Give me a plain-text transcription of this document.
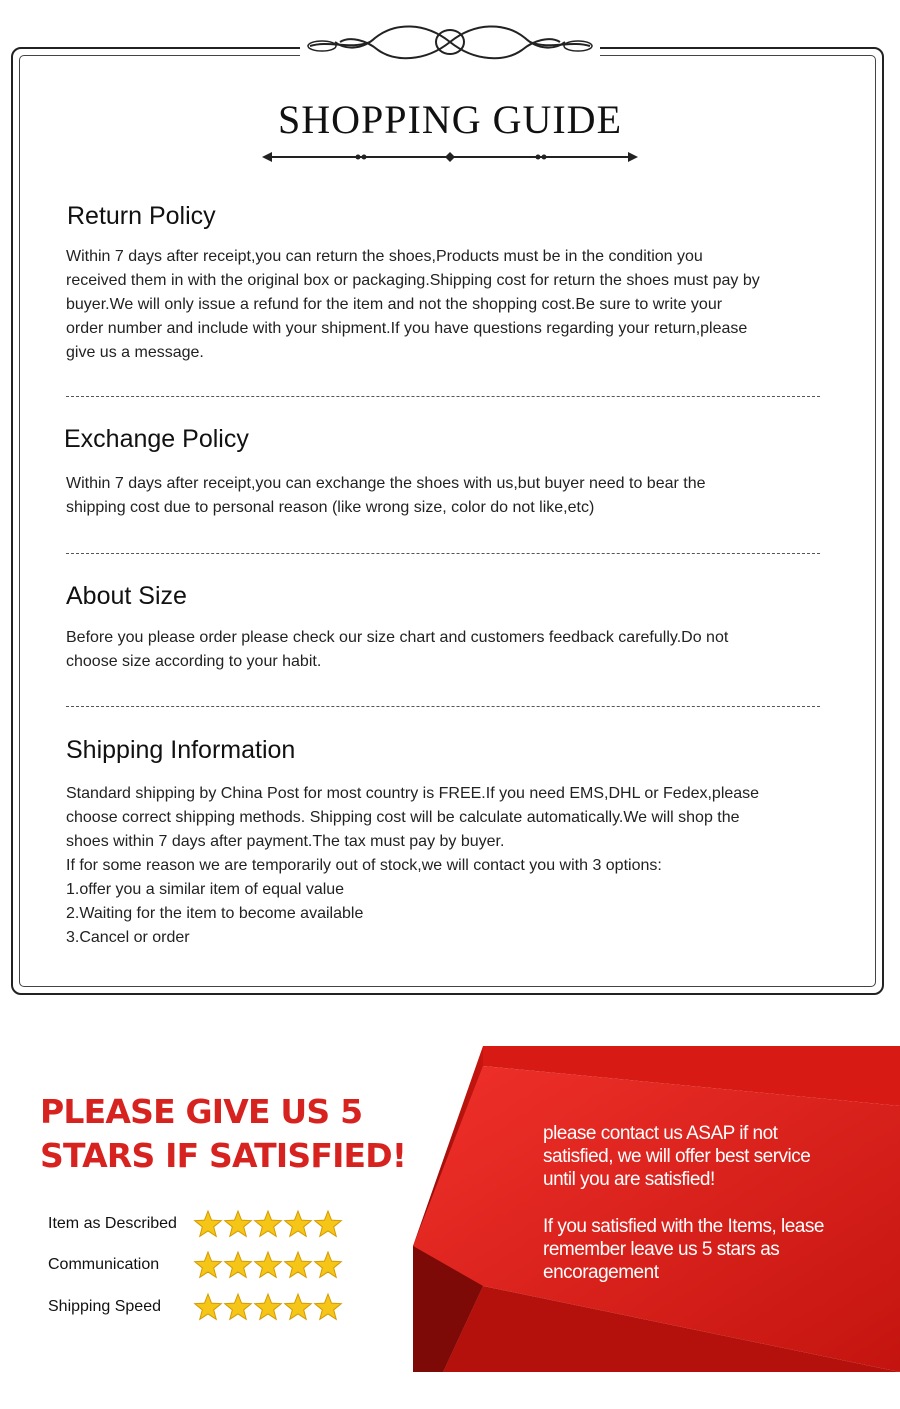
SHOPPING GUIDE
Return Policy

Within 7 days after receipt,you can return the shoes,Products must be in the condition you
received them in with the original box or packaging.Shipping cost for return the shoes must pay by
buyer.We will only issue a refund for the item and not the shopping cost.Be sure to write your
order number and include with your shipment.If you have questions regarding your return,please
give us a message.

Exchange Policy

Within 7 days after receipt,you can exchange the shoes with us,but buyer need to bear the
shipping cost due to personal reason (like wrong size, color do not like,etc)

About Size

Before you please order please check our size chart and customers feedback carefully.Do not
choose size according to your habit.

Shipping Information

Standard shipping by China Post for most country is FREE.If you need EMS,DHL or Fedex,please
choose correct shipping methods. Shipping cost will be calculate automatically.We will shop the
shoes within 7 days after payment.The tax must pay by buyer.
If for some reason we are temporarily out of stock,we will contact you with 3 options:
1.offer you a similar item of equal value
2.Waiting for the item to become available
3.Cancel or order

PLEASE GIVE US 5
STARS IF SATISFIED!
Item as Described
Communication
Shipping Speed

please contact us ASAP if not
satisfied, we will offer best service
until you are satisfied!

If you satisfied with the Items, lease
remember leave us 5 stars as
encoragement
